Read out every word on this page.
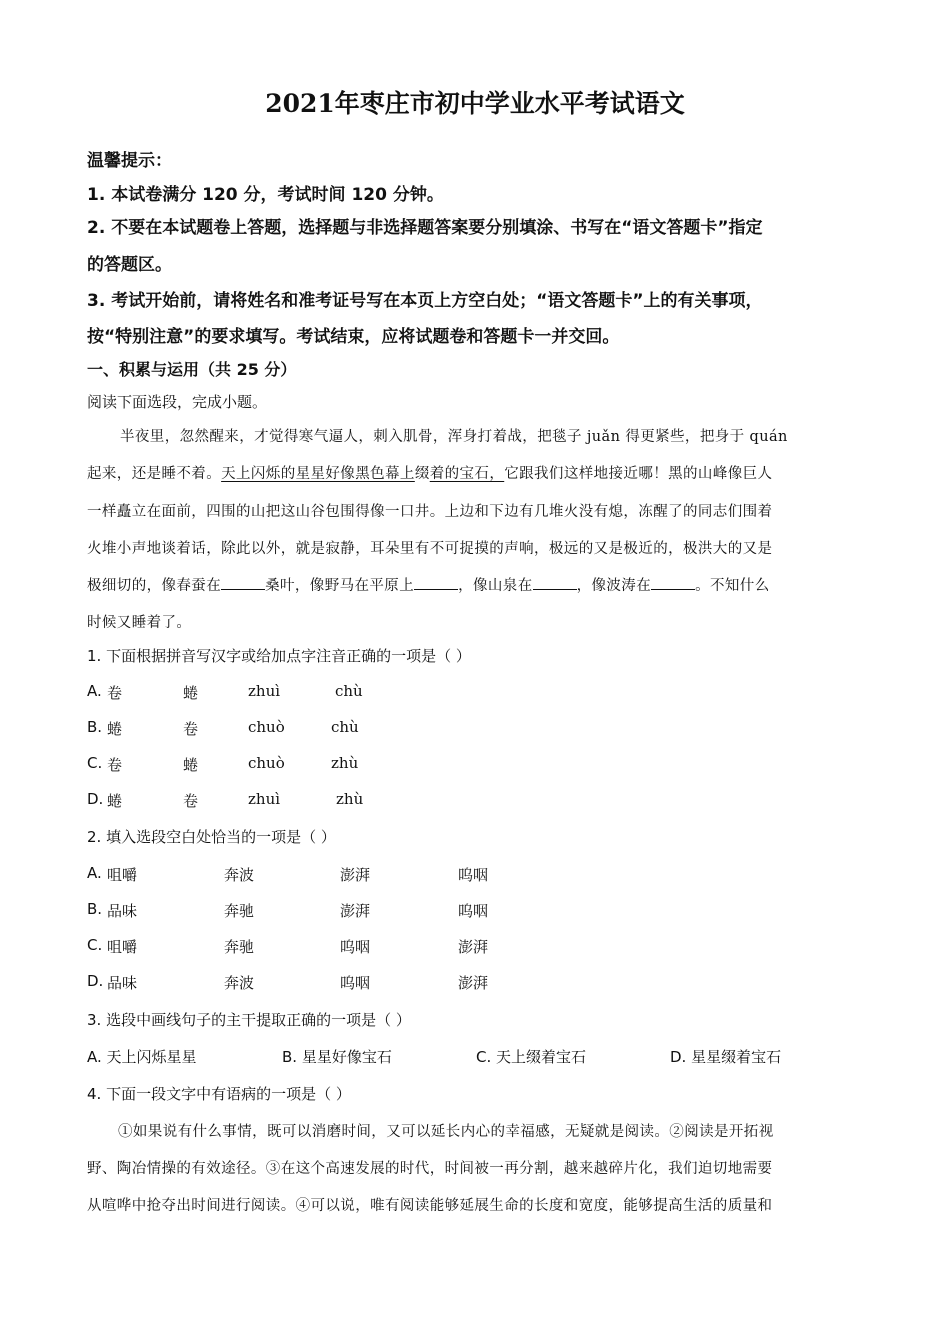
2021年枣庄市初中学业水平考试语文
温馨提示：
1. 本试卷满分 120 分，考试时间 120 分钟。
2. 不要在本试题卷上答题，选择题与非选择题答案要分别填涂、书写在“语文答题卡”指定
的答题区。
3. 考试开始前，请将姓名和准考证号写在本页上方空白处；“语文答题卡”上的有关事项，
按“特别注意”的要求填写。考试结束，应将试题卷和答题卡一并交回。
一、积累与运用（共 25 分）
阅读下面选段，完成小题。
半夜里，忽然醒来，才觉得寒气逼人，刺入肌骨，浑身打着战，把毯子 juǎn 得更紧些，把身于 quán
起来，还是睡不着。天上闪烁的星星好像黑色幕上缀着的宝石，它跟我们这样地接近哪！黑的山峰像巨人
一样矗立在面前，四围的山把这山谷包围得像一口井。上边和下边有几堆火没有熄，冻醒了的同志们围着
火堆小声地谈着话，除此以外，就是寂静，耳朵里有不可捉摸的声响，极远的又是极近的，极洪大的又是
极细切的，像春蚕在	桑叶，像野马在平原上	，像山泉在	，像波涛在	。不知什么
时候又睡着了。
1. 下面根据拼音写汉字或给加点字注音正确的一项是（ ）
A. 卷	蜷	zhuì	chù
B. 蜷	卷	chuò	chù
C. 卷	蜷	chuò	zhù
D. 蜷	卷	zhuì	zhù
2. 填入选段空白处恰当的一项是（ ）
A. 咀嚼	奔波	澎湃	呜咽
B. 品味	奔驰	澎湃	呜咽
C. 咀嚼	奔驰	呜咽	澎湃
D. 品味	奔波	呜咽	澎湃
3. 选段中画线句子的主干提取正确的一项是（ ）
A. 天上闪烁星星	B. 星星好像宝石	C. 天上缀着宝石	D. 星星缀着宝石
4. 下面一段文字中有语病的一项是（ ）
①如果说有什么事情，既可以消磨时间，又可以延长内心的幸福感，无疑就是阅读。②阅读是开拓视
野、陶冶情操的有效途径。③在这个高速发展的时代，时间被一再分割，越来越碎片化，我们迫切地需要
从喧哗中抢夺出时间进行阅读。④可以说，唯有阅读能够延展生命的长度和宽度，能够提高生活的质量和
